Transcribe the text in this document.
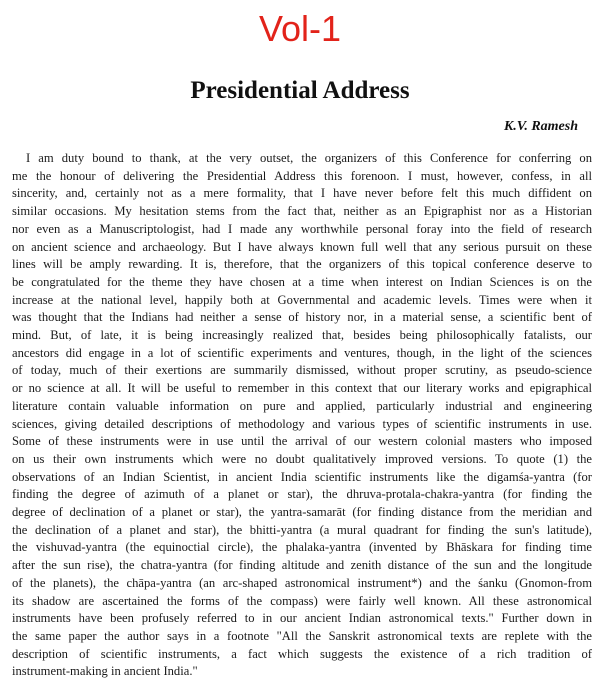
Vol-1
Presidential Address
K.V. Ramesh
I am duty bound to thank, at the very outset, the organizers of this Conference for conferring on
me the honour of delivering the Presidential Address this forenoon. I must, however, confess, in all
sincerity, and, certainly not as a mere formality, that I have never before felt this much diffident on
similar occasions. My hesitation stems from the fact that, neither as an Epigraphist nor as a Historian
nor even as a Manuscriptologist, had I made any worthwhile personal foray into the field of research
on ancient science and archaeology. But I have always known full well that any serious pursuit on these
lines will be amply rewarding. It is, therefore, that the organizers of this topical conference deserve to
be congratulated for the theme they have chosen at a time when interest on Indian Sciences is on the
increase at the national level, happily both at Governmental and academic levels. Times were when it
was thought that the Indians had neither a sense of history nor, in a material sense, a scientific bent of
mind. But, of late, it is being increasingly realized that, besides being philosophically fatalists, our
ancestors did engage in a lot of scientific experiments and ventures, though, in the light of the sciences
of today, much of their exertions are summarily dismissed, without proper scrutiny, as pseudo-science
or no science at all. It will be useful to remember in this context that our literary works and epigraphical
literature contain valuable information on pure and applied, particularly industrial and engineering
sciences, giving detailed descriptions of methodology and various types of scientific instruments in use.
Some of these instruments were in use until the arrival of our western colonial masters who imposed
on us their own instruments which were no doubt qualitatively improved versions. To quote (1) the
observations of an Indian Scientist, in ancient India scientific instruments like the digamśa-yantra (for
finding the degree of azimuth of a planet or star), the dhruva-protala-chakra-yantra (for finding the
degree of declination of a planet or star), the yantra-samarāt (for finding distance from the meridian and
the declination of a planet and star), the bhitti-yantra (a mural quadrant for finding the sun's latitude),
the vishuvad-yantra (the equinoctial circle), the phalaka-yantra (invented by Bhāskara for finding time
after the sun rise), the chatra-yantra (for finding altitude and zenith distance of the sun and the longitude
of the planets), the chāpa-yantra (an arc-shaped astronomical instrument*) and the śanku (Gnomon-from
its shadow are ascertained the forms of the compass) were fairly well known. All these astronomical
instruments have been profusely referred to in our ancient Indian astronomical texts." Further down in
the same paper the author says in a footnote "All the Sanskrit astronomical texts are replete with the
description of scientific instruments, a fact which suggests the existence of a rich tradition of
instrument-making in ancient India."
